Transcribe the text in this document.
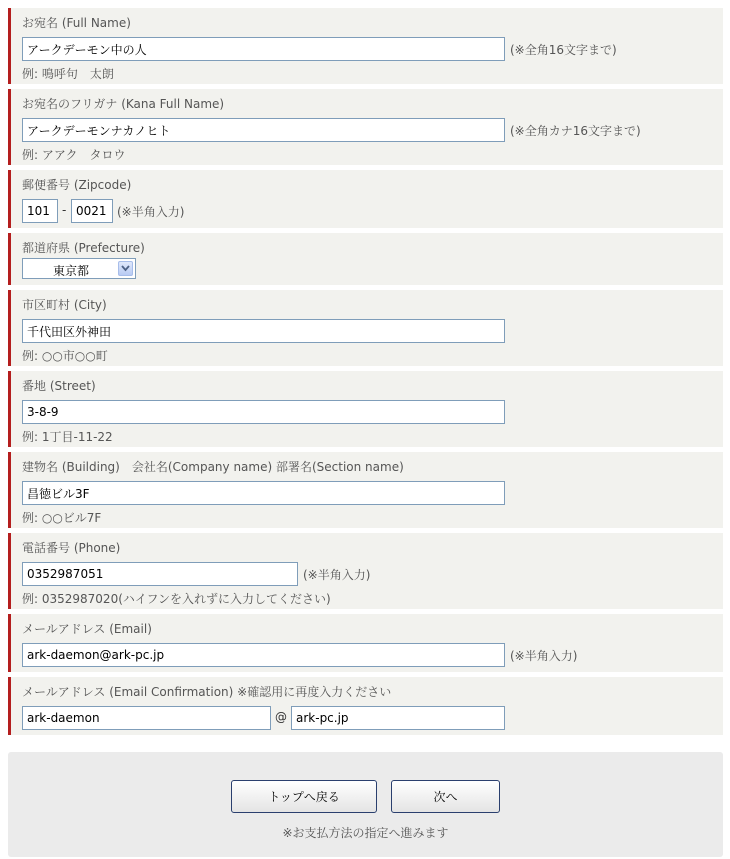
お宛名 (Full Name)
アークデーモン中の人
(※全角16文字まで)
例: 鳴呼句　太朗
お宛名のフリガナ (Kana Full Name)
アークデーモンナカノヒト
(※全角カナ16文字まで)
例: アアク　タロウ
郵便番号 (Zipcode)
101
-
0021	(※半角入力)
都道府県 (Prefecture)
東京都
市区町村 (City)
千代田区外神田
例: ○○市○○町
番地 (Street)
3-8-9
例: 1丁目-11-22
建物名 (Building)　会社名(Company name) 部署名(Section name)
昌徳ビル3F
例: ○○ビル7F
電話番号 (Phone)
0352987051
(※半角入力)
例: 0352987020(ハイフンを入れずに入力してください)
メールアドレス (Email)
ark-daemon@ark-pc.jp
(※半角入力)
メールアドレス (Email Confirmation) ※確認用に再度入力ください
ark-daemon
@
ark-pc.jp
トップへ戻る	次へ
※お支払方法の指定へ進みます
